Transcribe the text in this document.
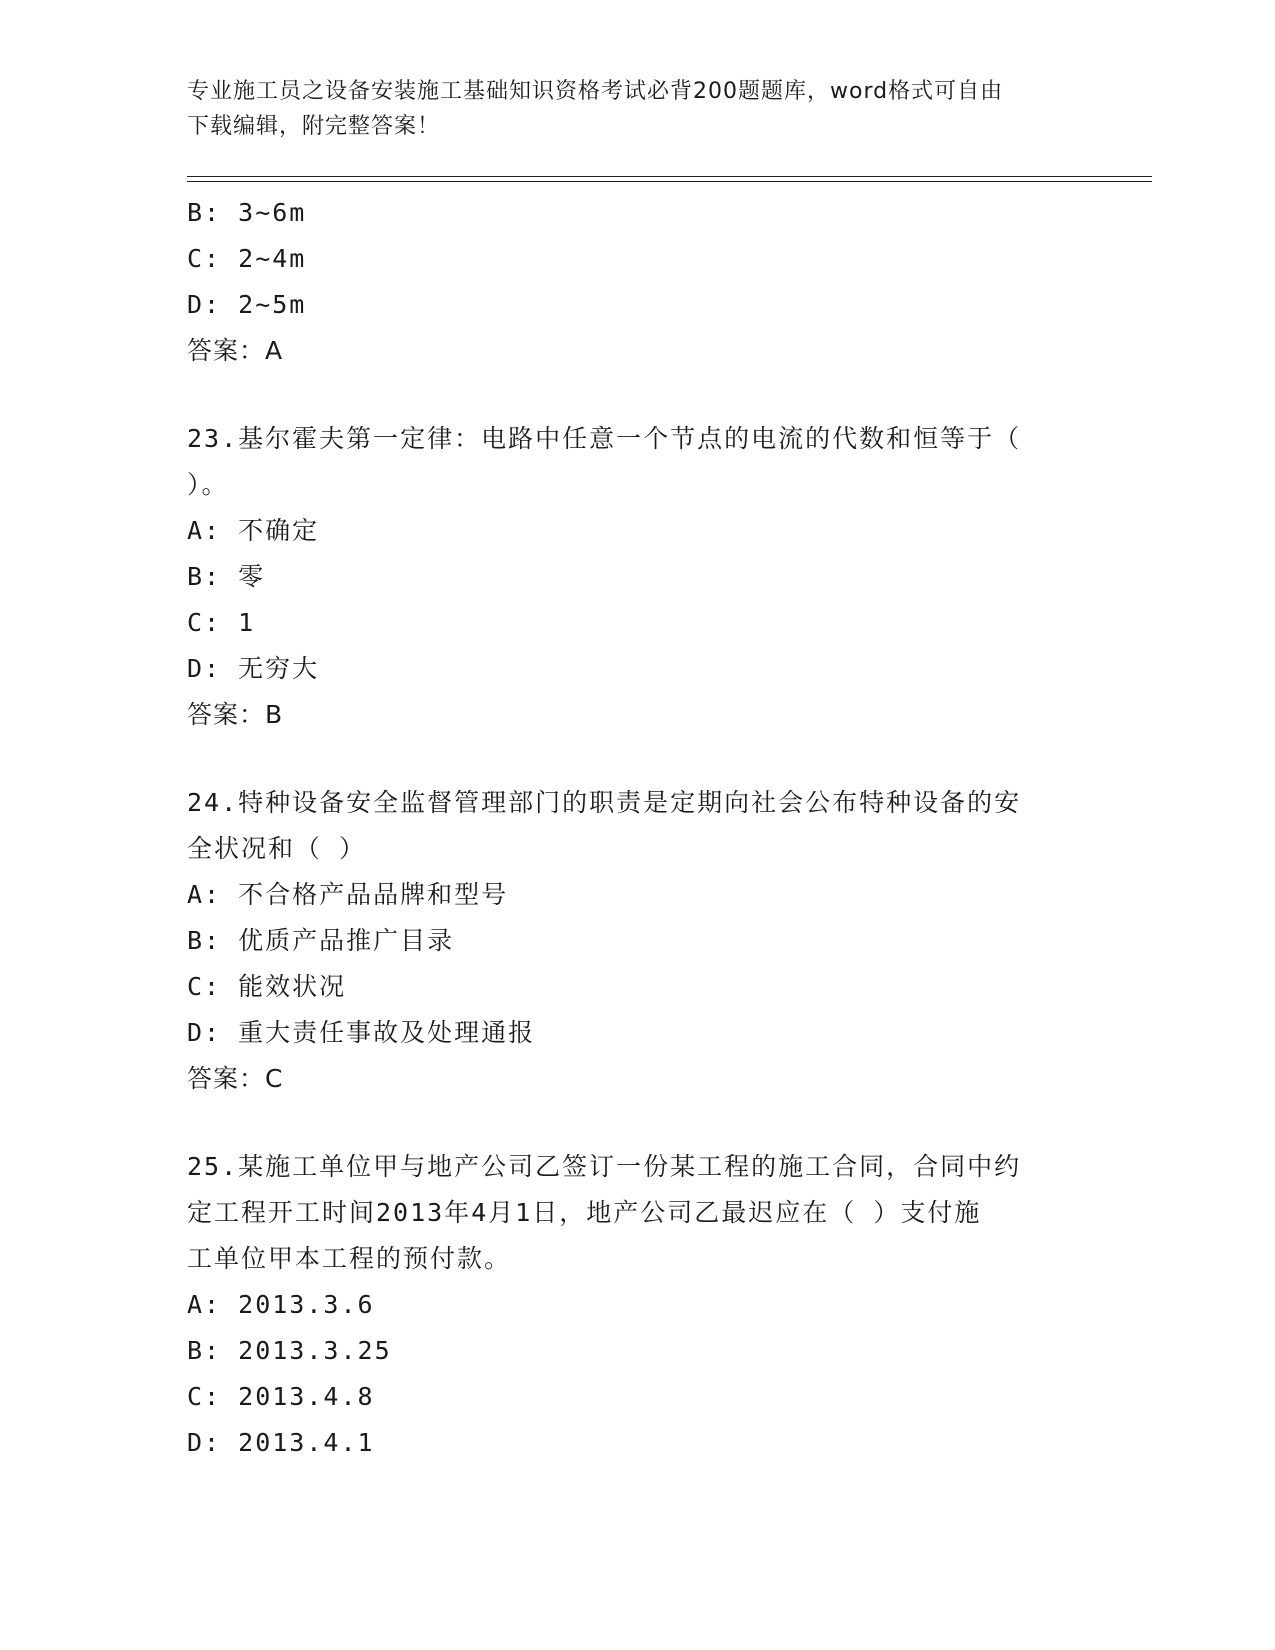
专业施工员之设备安装施工基础知识资格考试必背200题题库，word格式可自由
下载编辑，附完整答案！
B: 3~6m
C: 2~4m
D: 2~5m
答案：A
23.基尔霍夫第一定律：电路中任意一个节点的电流的代数和恒等于（
）。
A: 不确定
B: 零
C: 1
D: 无穷大
答案：B
24.特种设备安全监督管理部门的职责是定期向社会公布特种设备的安
全状况和（ ）
A: 不合格产品品牌和型号
B: 优质产品推广目录
C: 能效状况
D: 重大责任事故及处理通报
答案：C
25.某施工单位甲与地产公司乙签订一份某工程的施工合同，合同中约
定工程开工时间2013年4月1日，地产公司乙最迟应在（ ）支付施
工单位甲本工程的预付款。
A: 2013.3.6
B: 2013.3.25
C: 2013.4.8
D: 2013.4.1
